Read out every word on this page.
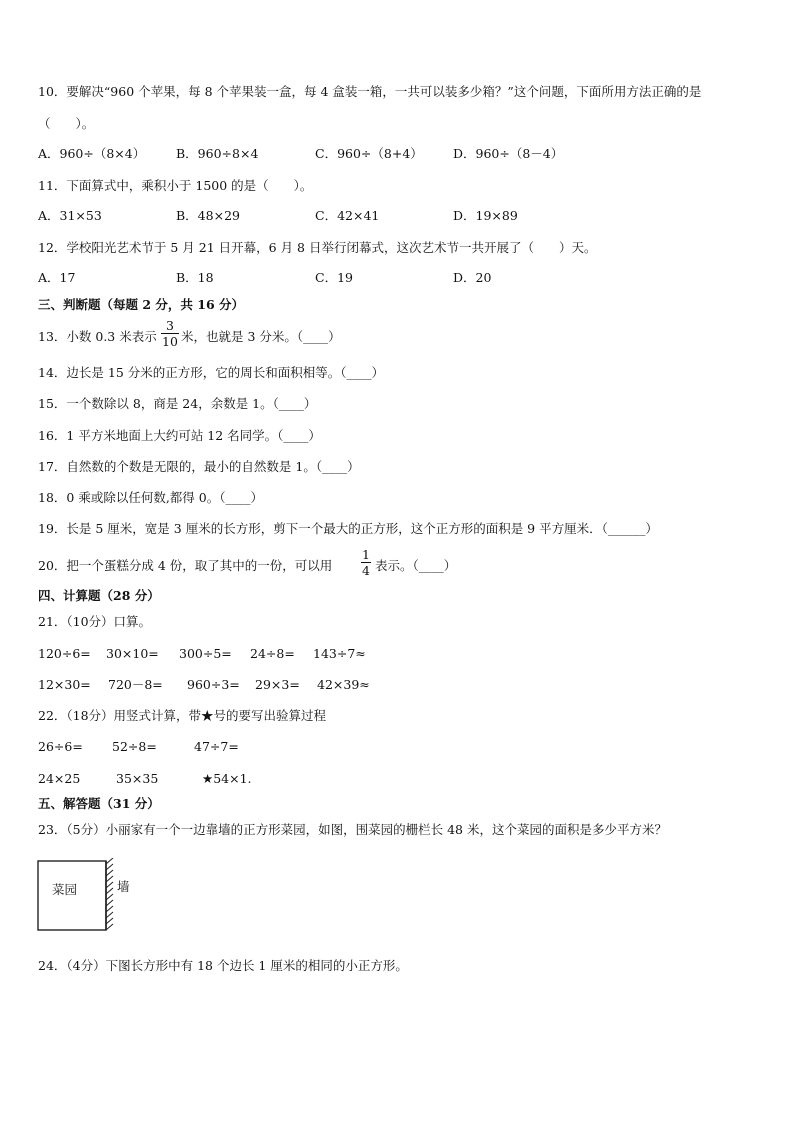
10．要解决“960 个苹果，每 8 个苹果装一盒，每 4 盒装一箱，一共可以装多少箱？”这个问题，下面所用方法正确的是
（　　）。
A．960÷（8×4） B．960÷8×4	C．960÷（8+4） D．960÷（8－4）
11．下面算式中，乘积小于 1500 的是（　　）。
A．31×53	B．48×29	C．42×41	D．19×89
12．学校阳光艺术节于 5 月 21 日开幕，6 月 8 日举行闭幕式，这次艺术节一共开展了（　　）天。
A．17	B．18	C．19	D．20
三、判断题（每题 2 分，共 16 分）
13．小数 0.3 米表示 $\frac{3}{10}$ 米，也就是 3 分米。（____）
14．边长是 15 分米的正方形，它的周长和面积相等。（____）
15．一个数除以 8，商是 24，余数是 1。（____）
16．1 平方米地面上大约可站 12 名同学。（____）
17．自然数的个数是无限的，最小的自然数是 1。（____）
18．0 乘或除以任何数,都得 0。（____）
19．长是 5 厘米，宽是 3 厘米的长方形，剪下一个最大的正方形，这个正方形的面积是 9 平方厘米．（______）
20．把一个蛋糕分成 4 份，取了其中的一份，可以用 $\frac{1}{4}$ 表示。（____）
四、计算题（28 分）
21．（10分）口算。
120÷6= 30×10= 300÷5= 24÷8= 143÷7≈
12×30= 720－8= 960÷3= 29×3= 42×39≈
22．（18分）用竖式计算，带★号的要写出验算过程
26÷6= 52÷8=	47÷7=
24×25	35×35	★54×1.
五、解答题（31 分）
23．（5分）小丽家有一个一边靠墙的正方形菜园，如图，围菜园的栅栏长 48 米，这个菜园的面积是多少平方米？
菜园	墙
24．（4分）下图长方形中有 18 个边长 1 厘米的相同的小正方形。
